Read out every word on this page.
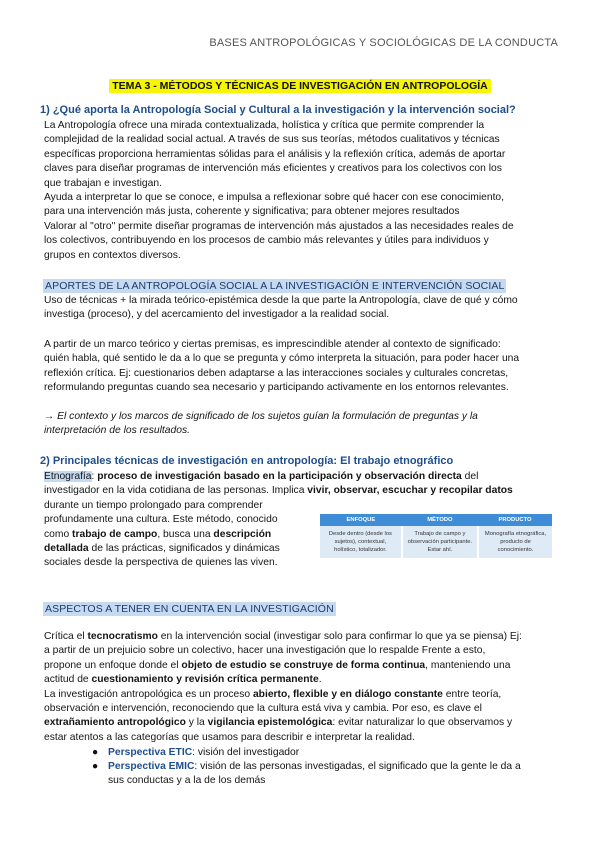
BASES ANTROPOLÓGICAS Y SOCIOLÓGICAS DE LA CONDUCTA
TEMA 3 - MÉTODOS Y TÉCNICAS DE INVESTIGACIÓN EN ANTROPOLOGÍA
1) ¿Qué aporta la Antropología Social y Cultural a la investigación y la intervención social?
La Antropología ofrece una mirada contextualizada, holística y crítica que permite comprender la
complejidad de la realidad social actual. A través de sus sus teorías, métodos cualitativos y técnicas
específicas proporciona herramientas sólidas para el análisis y la reflexión crítica, además de aportar
claves para diseñar programas de intervención más eficientes y creativos para los colectivos con los
que trabajan e investigan.
Ayuda a interpretar lo que se conoce, e impulsa a reflexionar sobre qué hacer con ese conocimiento,
para una intervención más justa, coherente y significativa; para obtener mejores resultados
Valorar al "otro" permite diseñar programas de intervención más ajustados a las necesidades reales de
los colectivos, contribuyendo en los procesos de cambio más relevantes y útiles para individuos y
grupos en contextos diversos.
APORTES DE LA ANTROPOLOGÍA SOCIAL A LA INVESTIGACIÓN E INTERVENCIÓN SOCIAL
Uso de técnicas + la mirada teórico-epistémica desde la que parte la Antropología, clave de qué y cómo
investiga (proceso), y del acercamiento del investigador a la realidad social.
A partir de un marco teórico y ciertas premisas, es imprescindible atender al contexto de significado:
quién habla, qué sentido le da a lo que se pregunta y cómo interpreta la situación, para poder hacer una
reflexión crítica. Ej: cuestionarios deben adaptarse a las interacciones sociales y culturales concretas,
reformulando preguntas cuando sea necesario y participando activamente en los entornos relevantes.
→ El contexto y los marcos de significado de los sujetos guían la formulación de preguntas y la
interpretación de los resultados.
2) Principales técnicas de investigación en antropología: El trabajo etnográfico
Etnografía: proceso de investigación basado en la participación y observación directa del
investigador en la vida cotidiana de las personas. Implica vivir, observar, escuchar y recopilar datos
durante un tiempo prolongado para comprender
profundamente una cultura. Este método, conocido
como trabajo de campo, busca una descripción
detallada de las prácticas, significados y dinámicas
sociales desde la perspectiva de quienes las viven.
ENFOQUE	MÉTODO	PRODUCTO
Desde dentro (desde los sujetos), contextual, holístico, totalizador.	Trabajo de campo y observación participante. Estar ahí.	Monografía etnográfica, producto de conocimiento.
ASPECTOS A TENER EN CUENTA EN LA INVESTIGACIÓN
Crítica el tecnocratismo en la intervención social (investigar solo para confirmar lo que ya se piensa) Ej:
a partir de un prejuicio sobre un colectivo, hacer una investigación que lo respalde Frente a esto,
propone un enfoque donde el objeto de estudio se construye de forma continua, manteniendo una
actitud de cuestionamiento y revisión crítica permanente.
La investigación antropológica es un proceso abierto, flexible y en diálogo constante entre teoría,
observación e intervención, reconociendo que la cultura está viva y cambia. Por eso, es clave el
extrañamiento antropológico y la vigilancia epistemológica: evitar naturalizar lo que observamos y
estar atentos a las categorías que usamos para describir e interpretar la realidad.
● Perspectiva ETIC: visión del investigador
● Perspectiva EMIC: visión de las personas investigadas, el significado que la gente le da a
sus conductas y a la de los demás
